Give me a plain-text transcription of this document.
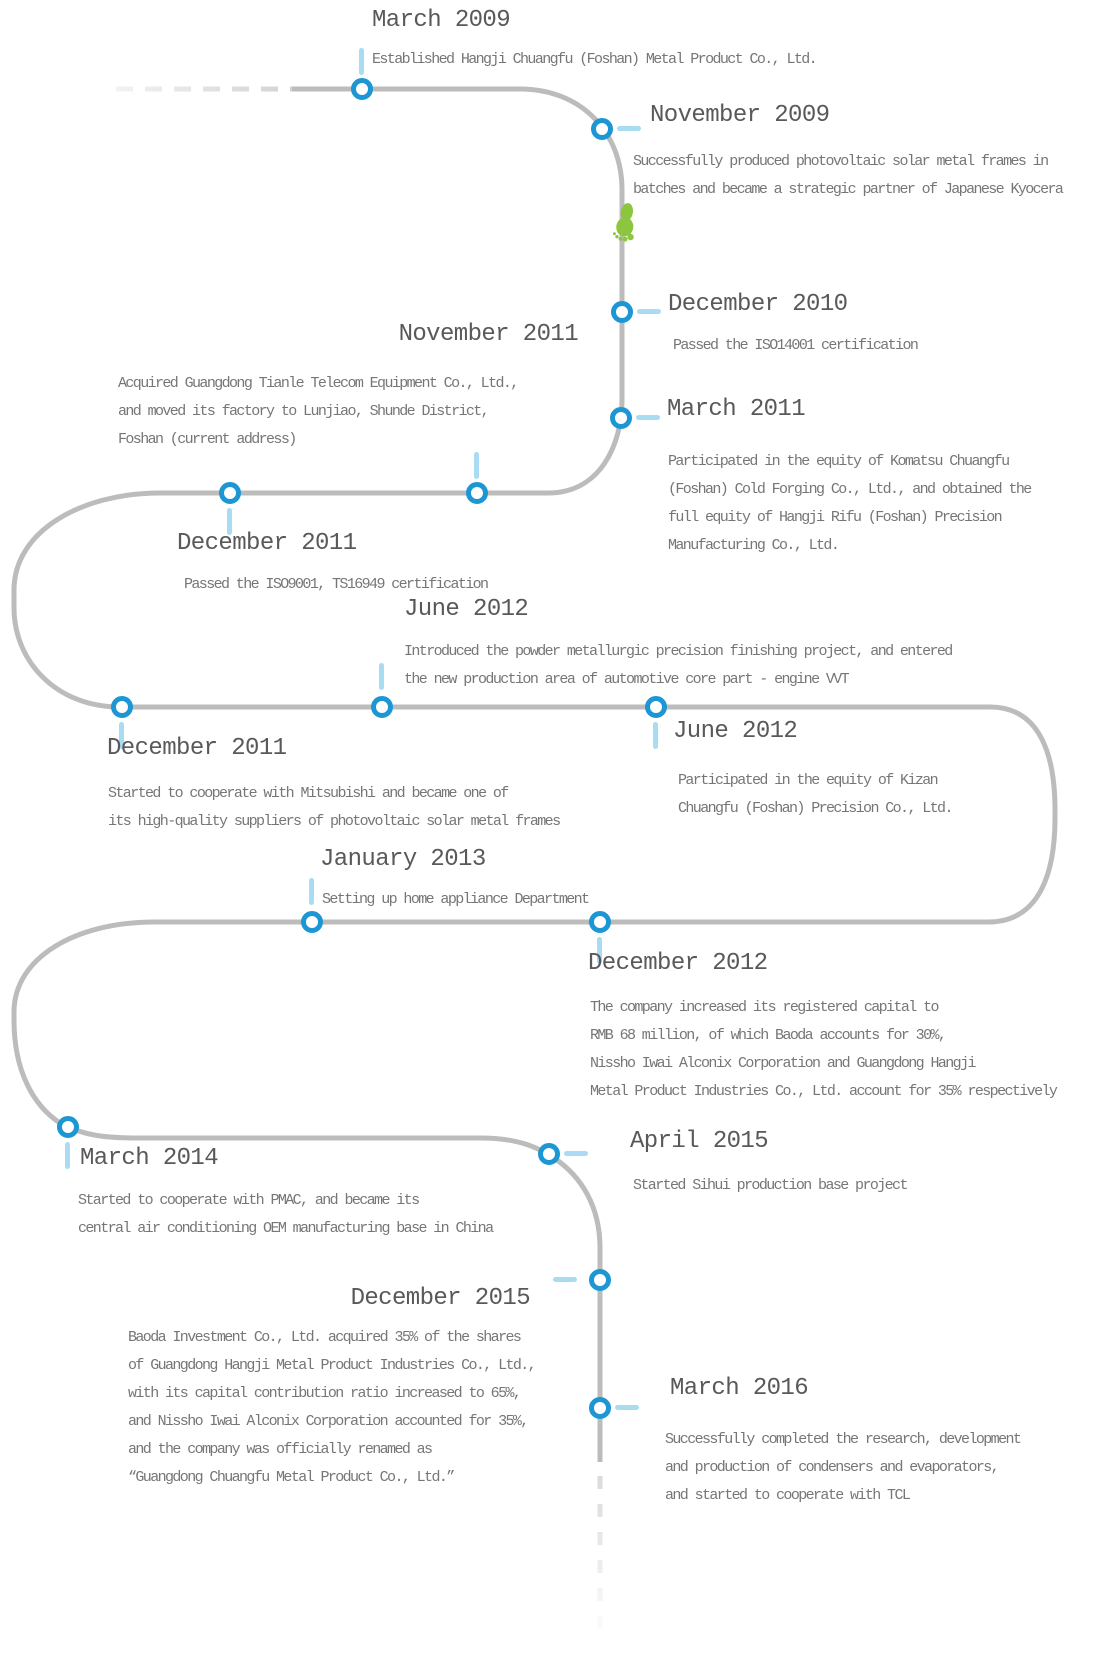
March 2009
Established Hangji Chuangfu (Foshan) Metal Product Co., Ltd.
November 2009
Successfully produced photovoltaic solar metal frames in
batches and became a strategic partner of Japanese Kyocera
December 2010
Passed the ISO14001 certification
March 2011
Participated in the equity of Komatsu Chuangfu
(Foshan) Cold Forging Co., Ltd., and obtained the
full equity of Hangji Rifu (Foshan) Precision
Manufacturing Co., Ltd.
November 2011
Acquired Guangdong Tianle Telecom Equipment Co., Ltd.,
and moved its factory to Lunjiao, Shunde District,
Foshan (current address)
December 2011
Passed the ISO9001, TS16949 certification
June 2012
Introduced the powder metallurgic precision finishing project, and entered
the new production area of automotive core part - engine VVT
December 2011
Started to cooperate with Mitsubishi and became one of
its high-quality suppliers of photovoltaic solar metal frames
June 2012
Participated in the equity of Kizan
Chuangfu (Foshan) Precision Co., Ltd.
January 2013
Setting up home appliance Department
December 2012
The company increased its registered capital to
RMB 68 million, of which Baoda accounts for 30%,
Nissho Iwai Alconix Corporation and Guangdong Hangji
Metal Product Industries Co., Ltd. account for 35% respectively
March 2014
Started to cooperate with PMAC, and became its
central air conditioning OEM manufacturing base in China
April 2015
Started Sihui production base project
December 2015
Baoda Investment Co., Ltd. acquired 35% of the shares
of Guangdong Hangji Metal Product Industries Co., Ltd.,
with its capital contribution ratio increased to 65%,
and Nissho Iwai Alconix Corporation accounted for 35%,
and the company was officially renamed as
“Guangdong Chuangfu Metal Product Co., Ltd.”
March 2016
Successfully completed the research, development
and production of condensers and evaporators,
and started to cooperate with TCL
